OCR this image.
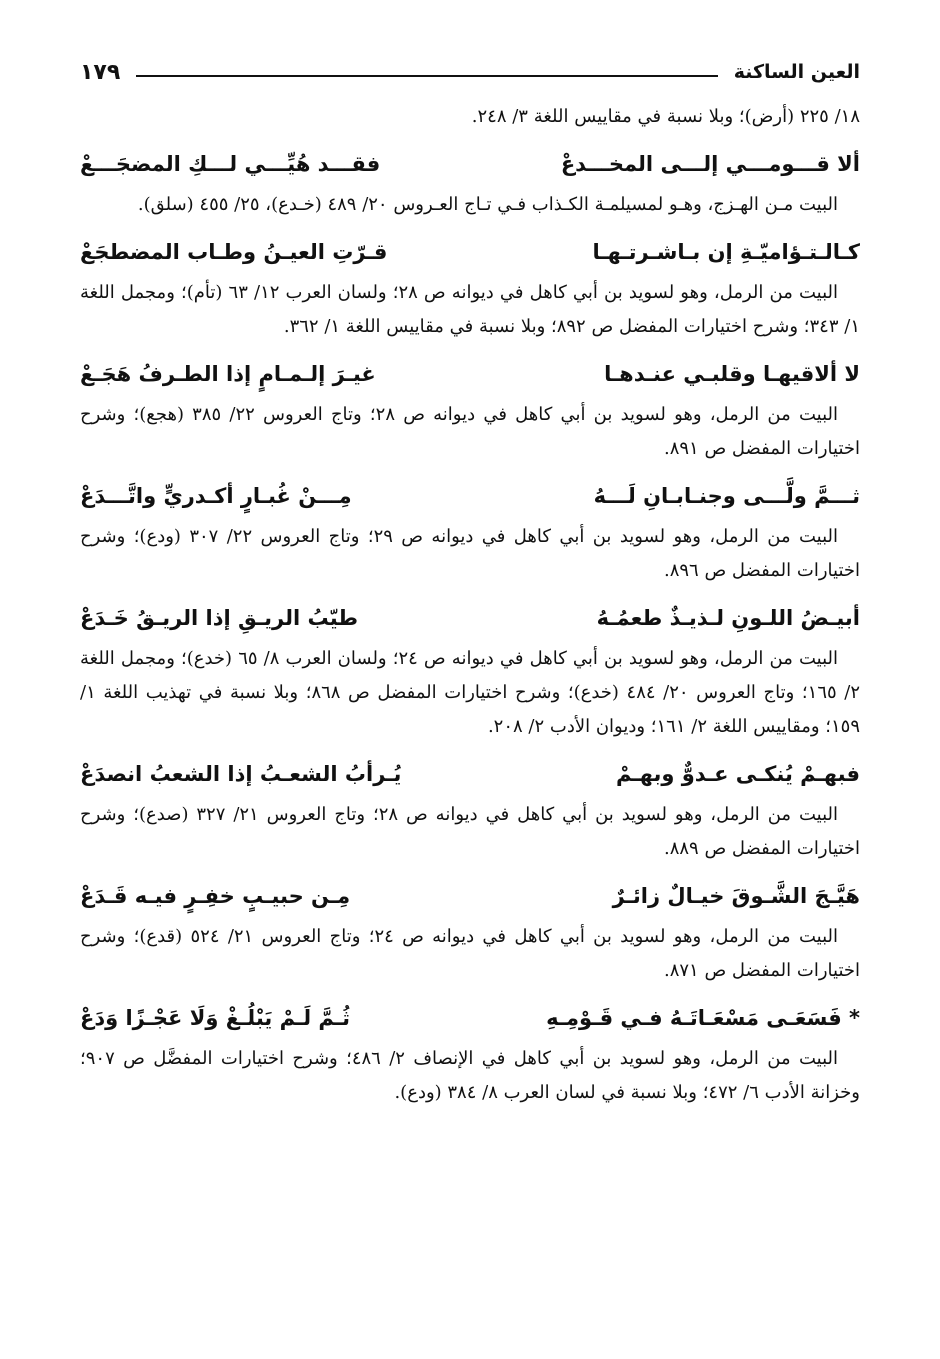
العين الساكنة
١٧٩

١٨/ ٢٢٥ (أرض)؛ وبلا نسبة في مقاييس اللغة ٣/ ٢٤٨.

ألا قـــومـــي إلـــى المخـــدعْ
فقـــد هُيِّـــي لـــكِ المضجَـــعْ

البيت مـن الهـزج، وهـو لمسيلمـة الكـذاب فـي تـاج العـروس ٢٠/ ٤٨٩ (خـدع)، ٢٥/ ٤٥٥ (سلق).

كـالـتـؤاميّـةِ إن بـاشـرتـهـا
قـرّتِ العيـنُ وطـاب المضطجَعْ

البيت من الرمل، وهو لسويد بن أبي كاهل في ديوانه ص ٢٨؛ ولسان العرب ١٢/ ٦٣ (تأم)؛ ومجمل اللغة ١/ ٣٤٣؛ وشرح اختيارات المفضل ص ٨٩٢؛ وبلا نسبة في مقاييس اللغة ١/ ٣٦٢.

لا ألاقيهـا وقلبـي عنـدهـا
غيـرَ إلـمـامٍ إذا الطـرفُ هَجَـعْ

البيت من الرمل، وهو لسويد بن أبي كاهل في ديوانه ص ٢٨؛ وتاج العروس ٢٢/ ٣٨٥ (هجع)؛ وشرح اختيارات المفضل ص ٨٩١.

ثـــمَّ ولَّـــى وجنـابـانِ لَـــهُ
مِـــنْ غُبـارٍ أكـدريٍّ واتَّـــدَعْ

البيت من الرمل، وهو لسويد بن أبي كاهل في ديوانه ص ٢٩؛ وتاج العروس ٢٢/ ٣٠٧ (ودع)؛ وشرح اختيارات المفضل ص ٨٩٦.

أبيـضُ اللـونِ لـذيـذٌ طعمُـهُ
طيّبُ الريـقِ إذا الريـقُ خَـدَعْ

البيت من الرمل، وهو لسويد بن أبي كاهل في ديوانه ص ٢٤؛ ولسان العرب ٨/ ٦٥ (خدع)؛ ومجمل اللغة ٢/ ١٦٥؛ وتاج العروس ٢٠/ ٤٨٤ (خدع)؛ وشرح اختيارات المفضل ص ٨٦٨؛ وبلا نسبة في تهذيب اللغة ١/ ١٥٩؛ ومقاييس اللغة ٢/ ١٦١؛ وديوان الأدب ٢/ ٢٠٨.

فبهـمْ يُنكـى عـدوٌّ وبهـمْ
يُـرأبُ الشعـبُ إذا الشعبُ انصدَعْ

البيت من الرمل، وهو لسويد بن أبي كاهل في ديوانه ص ٢٨؛ وتاج العروس ٢١/ ٣٢٧ (صدع)؛ وشرح اختيارات المفضل ص ٨٨٩.

هَيَّـجَ الشَّـوقَ خيـالٌ زائـرٌ
مِـن حبيـبٍ خفِـرٍ فيـه قَـدَعْ

البيت من الرمل، وهو لسويد بن أبي كاهل في ديوانه ص ٢٤؛ وتاج العروس ٢١/ ٥٢٤ (قدع)؛ وشرح اختيارات المفضل ص ٨٧١.

* فَسَعَـى مَسْعَـاتَـهُ فـي قَـوْمِـهِ
ثُـمَّ لَـمْ يَبْلُـغْ وَلَا عَجْـزًا وَدَعْ

البيت من الرمل، وهو لسويد بن أبي كاهل في الإنصاف ٢/ ٤٨٦؛ وشرح اختيارات المفضَّل ص ٩٠٧؛ وخزانة الأدب ٦/ ٤٧٢؛ وبلا نسبة في لسان العرب ٨/ ٣٨٤ (ودع).
